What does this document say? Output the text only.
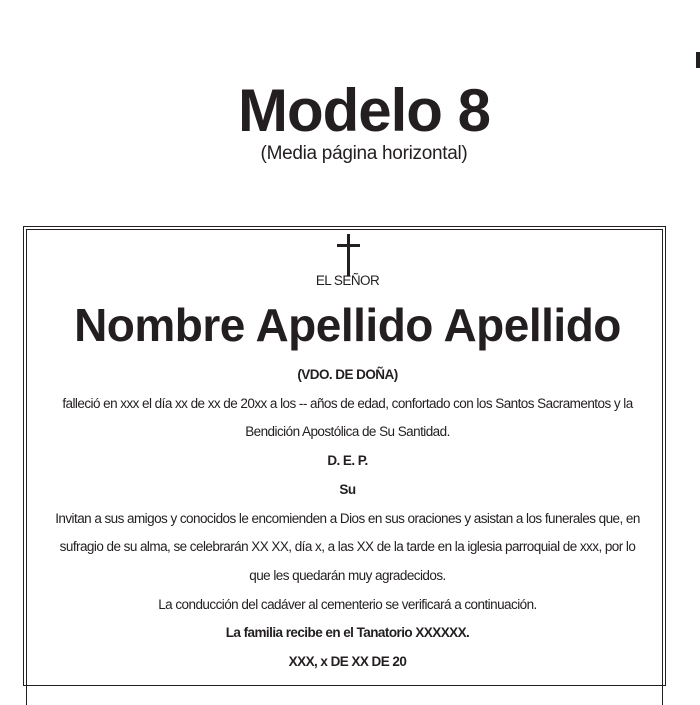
Modelo 8
(Media página horizontal)
EL SEÑOR
Nombre Apellido Apellido
(VDO. DE DOÑA)
falleció en xxx el día xx de xx de 20xx a los -- años de edad, confortado con los Santos Sacramentos y la
Bendición Apostólica de Su Santidad.
D. E. P.
Su
Invitan a sus amigos y conocidos le encomienden a Dios en sus oraciones y asistan a los funerales que, en
sufragio de su alma, se celebrarán XX XX, día x, a las XX de la tarde en la iglesia parroquial de xxx, por lo
que les quedarán muy agradecidos.
La conducción del cadáver al cementerio se verificará a continuación.
La familia recibe en el Tanatorio XXXXXX.
XXX, x DE XX DE 20
